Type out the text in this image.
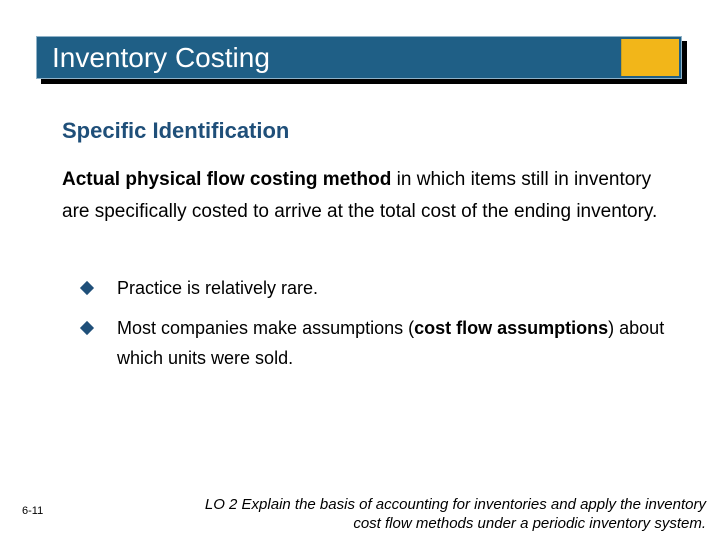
Inventory Costing
Specific Identification
Actual physical flow costing method in which items still in inventory are specifically costed to arrive at the total cost of the ending inventory.
Practice is relatively rare.
Most companies make assumptions (cost flow assumptions) about which units were sold.
6-11	LO 2 Explain the basis of accounting for inventories and apply the inventory cost flow methods under a periodic inventory system.
